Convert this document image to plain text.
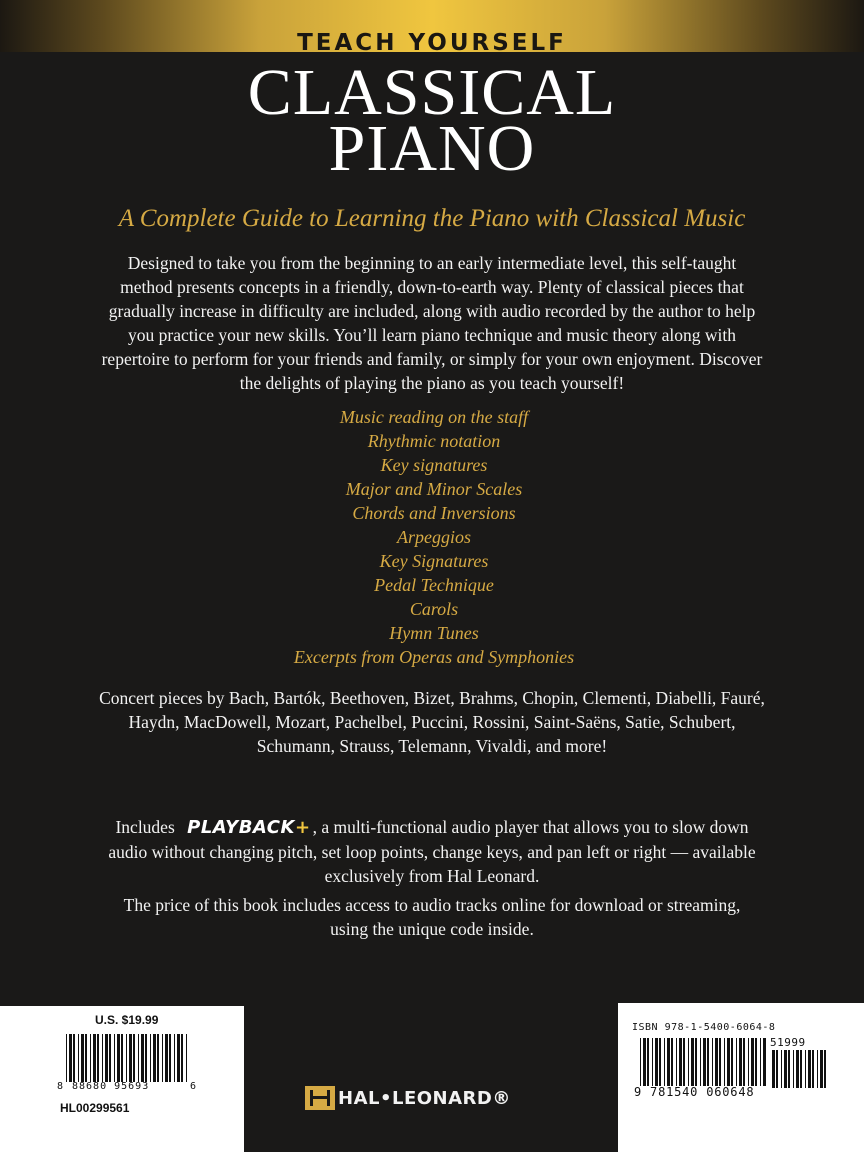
TEACH YOURSELF
CLASSICAL
PIANO
A Complete Guide to Learning the Piano with Classical Music
Designed to take you from the beginning to an early intermediate level, this self-taught method presents concepts in a friendly, down-to-earth way. Plenty of classical pieces that gradually increase in difficulty are included, along with audio recorded by the author to help you practice your new skills. You’ll learn piano technique and music theory along with repertoire to perform for your friends and family, or simply for your own enjoyment. Discover the delights of playing the piano as you teach yourself!
Music reading on the staff
Rhythmic notation
Key signatures
Major and Minor Scales
Chords and Inversions
Arpeggios
Key Signatures
Pedal Technique
Carols
Hymn Tunes
Excerpts from Operas and Symphonies
Concert pieces by Bach, Bartók, Beethoven, Bizet, Brahms, Chopin, Clementi, Diabelli, Fauré, Haydn, MacDowell, Mozart, Pachelbel, Puccini, Rossini, Saint-Saëns, Satie, Schubert, Schumann, Strauss, Telemann, Vivaldi, and more!
Includes PLAYBACK+ , a multi-functional audio player that allows you to slow down audio without changing pitch, set loop points, change keys, and pan left or right — available exclusively from Hal Leonard.
The price of this book includes access to audio tracks online for download or streaming, using the unique code inside.
U.S. $19.99
8 88680 95693	6
HL00299561	HAL•LEONARD®
ISBN 978-1-5400-6064-8
51999
9 781540 060648
